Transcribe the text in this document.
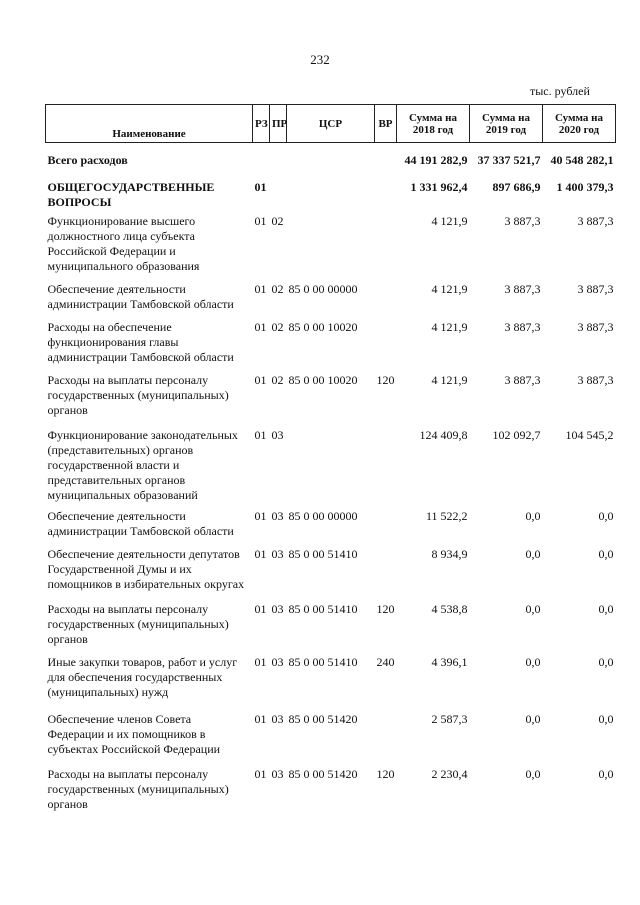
232
тыс. рублей
Наименование	РЗ	ПР	ЦСР	ВР	Сумма на 2018 год	Сумма на 2019 год	Сумма на 2020 год
Всего расходов					44 191 282,9	37 337 521,7	40 548 282,1
ОБЩЕГОСУДАРСТВЕННЫЕ ВОПРОСЫ	01				1 331 962,4	897 686,9	1 400 379,3
Функционирование высшего должностного лица субъекта Российской Федерации и муниципального образования	01	02			4 121,9	3 887,3	3 887,3
Обеспечение деятельности администрации Тамбовской области	01	02	85 0 00 00000		4 121,9	3 887,3	3 887,3
Расходы на обеспечение функционирования главы администрации Тамбовской области	01	02	85 0 00 10020		4 121,9	3 887,3	3 887,3
Расходы на выплаты персоналу государственных (муниципальных) органов	01	02	85 0 00 10020	120	4 121,9	3 887,3	3 887,3
Функционирование законодательных (представительных) органов государственной власти и представительных органов муниципальных образований	01	03			124 409,8	102 092,7	104 545,2
Обеспечение деятельности администрации Тамбовской области	01	03	85 0 00 00000		11 522,2	0,0	0,0
Обеспечение деятельности депутатов Государственной Думы и их помощников в избирательных округах	01	03	85 0 00 51410		8 934,9	0,0	0,0
Расходы на выплаты персоналу государственных (муниципальных) органов	01	03	85 0 00 51410	120	4 538,8	0,0	0,0
Иные закупки товаров, работ и услуг для обеспечения государственных (муниципальных) нужд	01	03	85 0 00 51410	240	4 396,1	0,0	0,0
Обеспечение членов Совета Федерации и их помощников в субъектах Российской Федерации	01	03	85 0 00 51420		2 587,3	0,0	0,0
Расходы на выплаты персоналу государственных (муниципальных) органов	01	03	85 0 00 51420	120	2 230,4	0,0	0,0
